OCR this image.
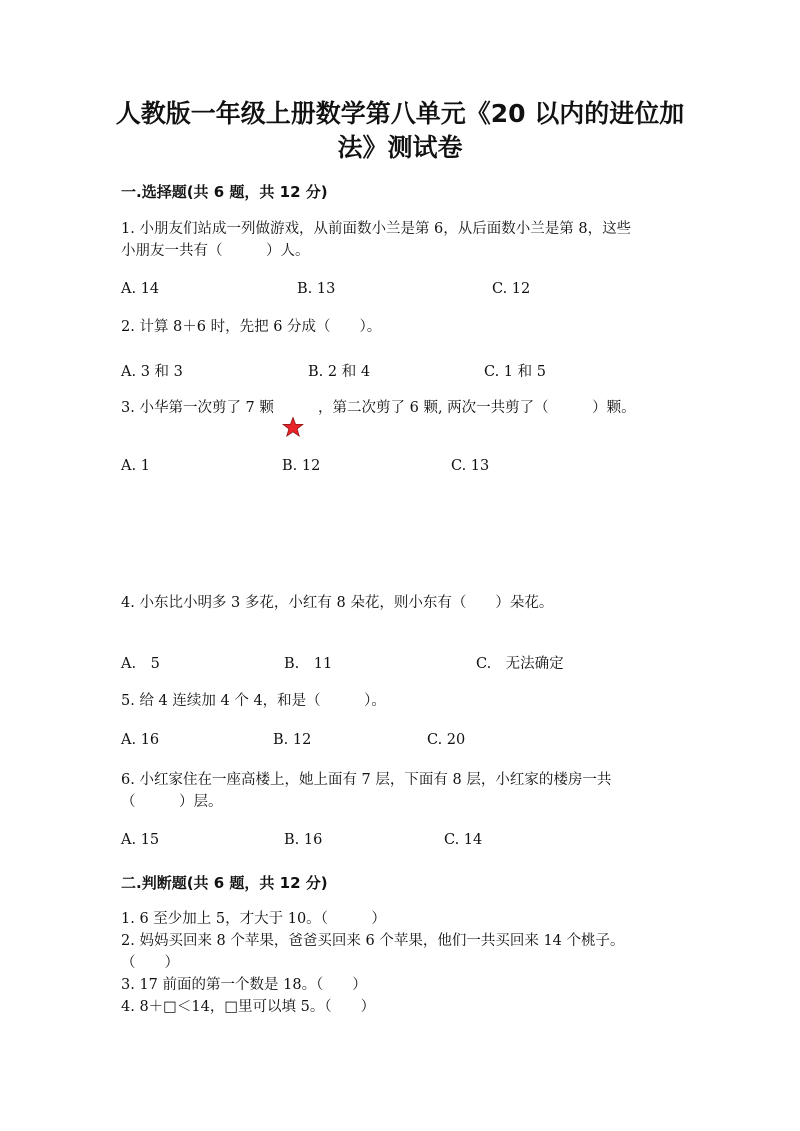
人教版一年级上册数学第八单元《20 以内的进位加
法》测试卷
一.选择题(共 6 题，共 12 分)
1. 小朋友们站成一列做游戏，从前面数小兰是第 6，从后面数小兰是第 8，这些
小朋友一共有（　　　）人。
A. 14	B. 13	C. 12
2. 计算 8＋6 时，先把 6 分成（　　）。
A. 3 和 3	B. 2 和 4	C. 1 和 5
3. 小华第一次剪了 7 颗	，第二次剪了 6 颗, 两次一共剪了（　　　）颗。
A. 1	B. 12	C. 13
4. 小东比小明多 3 多花，小红有 8 朵花，则小东有（　　）朵花。
A.　5	B.　11	C.　无法确定
5. 给 4 连续加 4 个 4，和是（　　　）。
A. 16	B. 12	C. 20
6. 小红家住在一座高楼上，她上面有 7 层，下面有 8 层，小红家的楼房一共
（　　　）层。
A. 15	B. 16	C. 14
二.判断题(共 6 题，共 12 分)
1. 6 至少加上 5，才大于 10。（　　　）
2. 妈妈买回来 8 个苹果，爸爸买回来 6 个苹果，他们一共买回来 14 个桃子。
（　　）
3. 17 前面的第一个数是 18。（　　）
4. 8＋□＜14，□里可以填 5。（　　）
